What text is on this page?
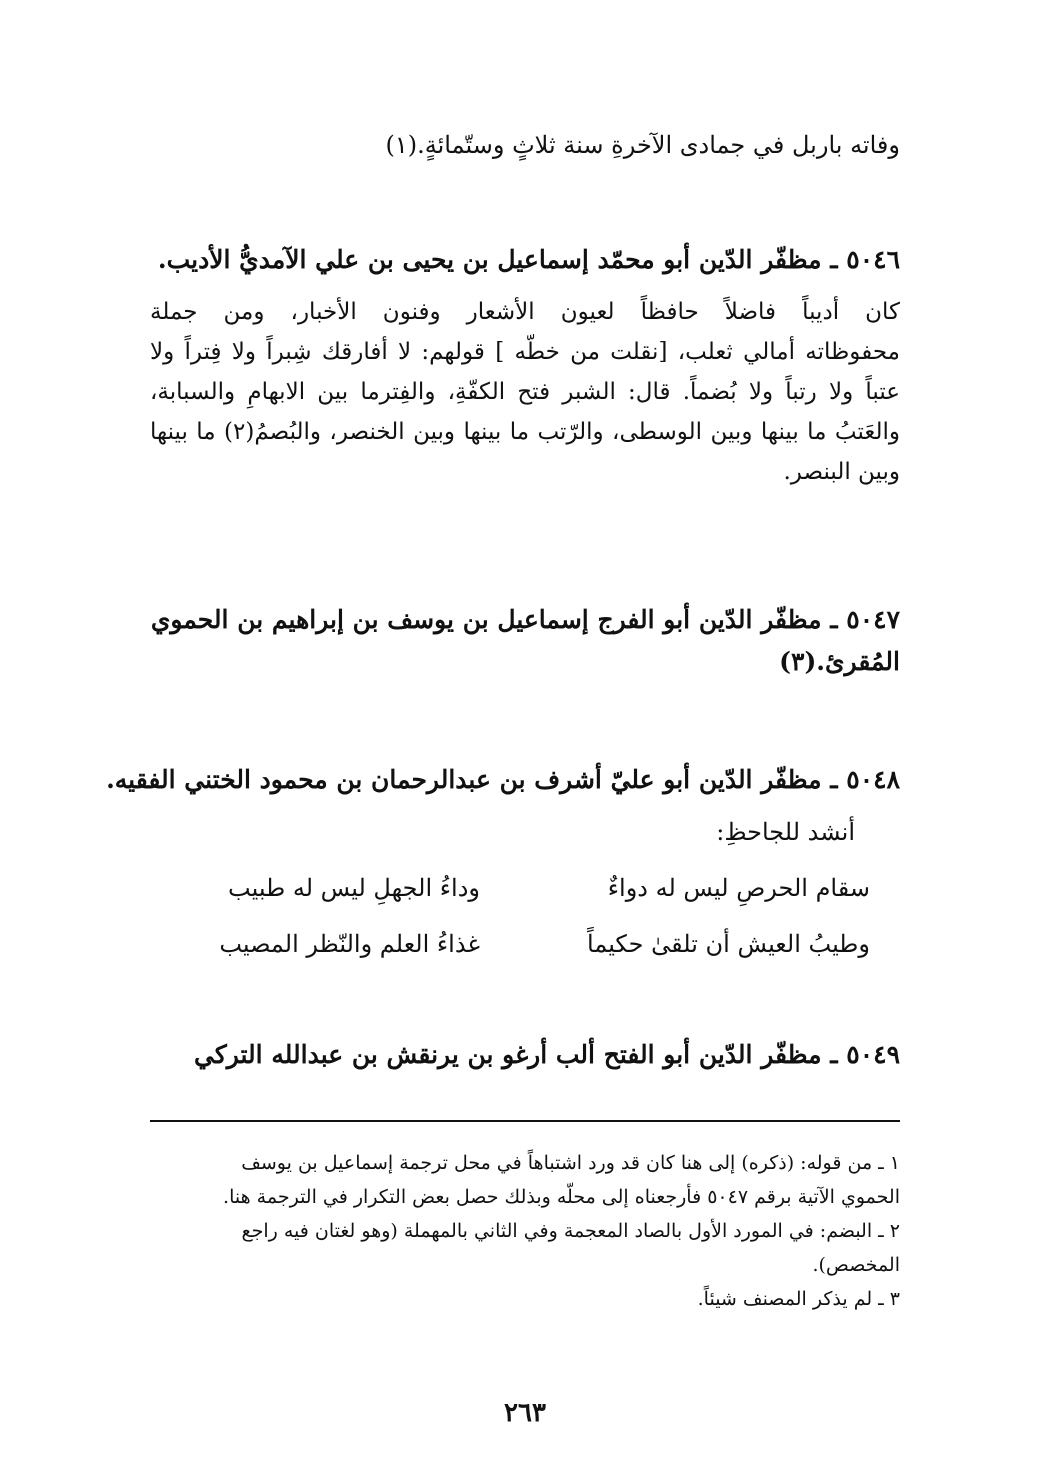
وفاته باربل في جمادى الآخرةِ سنة ثلاثٍ وستّمائةٍ.(١)
٥٠٤٦ ـ مظفّر الدّين أبو محمّد إسماعيل بن يحيى بن علي الآمديُّ الأديب.
كان أديباً فاضلاً حافظاً لعيون الأشعار وفنون الأخبار، ومن جملة
محفوظاته أمالي ثعلب، [نقلت من خطّه ] قولهم: لا أفارقك شِبراً ولا فِتراً ولا
عتباً ولا رتباً ولا بُضماً. قال: الشبر فتح الكفّةِ، والفِترما بين الابهامِ والسبابة،
والعَتبُ ما بينها وبين الوسطى، والرّتب ما بينها وبين الخنصر، والبُصمُ(٢) ما بينها
وبين البنصر.
٥٠٤٧ ـ مظفّر الدّين أبو الفرج إسماعيل بن يوسف بن إبراهيم بن الحموي
المُقرئ.(٣)
٥٠٤٨ ـ مظفّر الدّين أبو عليّ أشرف بن عبدالرحمان بن محمود الختني الفقيه.
أنشد للجاحظِ:
سقام الحرصِ ليس له دواءٌ
وداءُ الجهلِ ليس له طبيب
وطيبُ العيش أن تلقىٰ حكيماً
غذاءُ العلم والنّظر المصيب
٥٠٤٩ ـ مظفّر الدّين أبو الفتح ألب أرغو بن يرنقش بن عبدالله التركي
١ ـ من قوله: (ذكره) إلى هنا كان قد ورد اشتباهاً في محل ترجمة إسماعيل بن يوسف
الحموي الآتية برقم ٥٠٤٧ فأرجعناه إلى محلّه وبذلك حصل بعض التكرار في الترجمة هنا.
٢ ـ البضم: في المورد الأول بالصاد المعجمة وفي الثاني بالمهملة (وهو لغتان فيه راجع
المخصص).
٣ ـ لم يذكر المصنف شيئاً.
٢٦٣
